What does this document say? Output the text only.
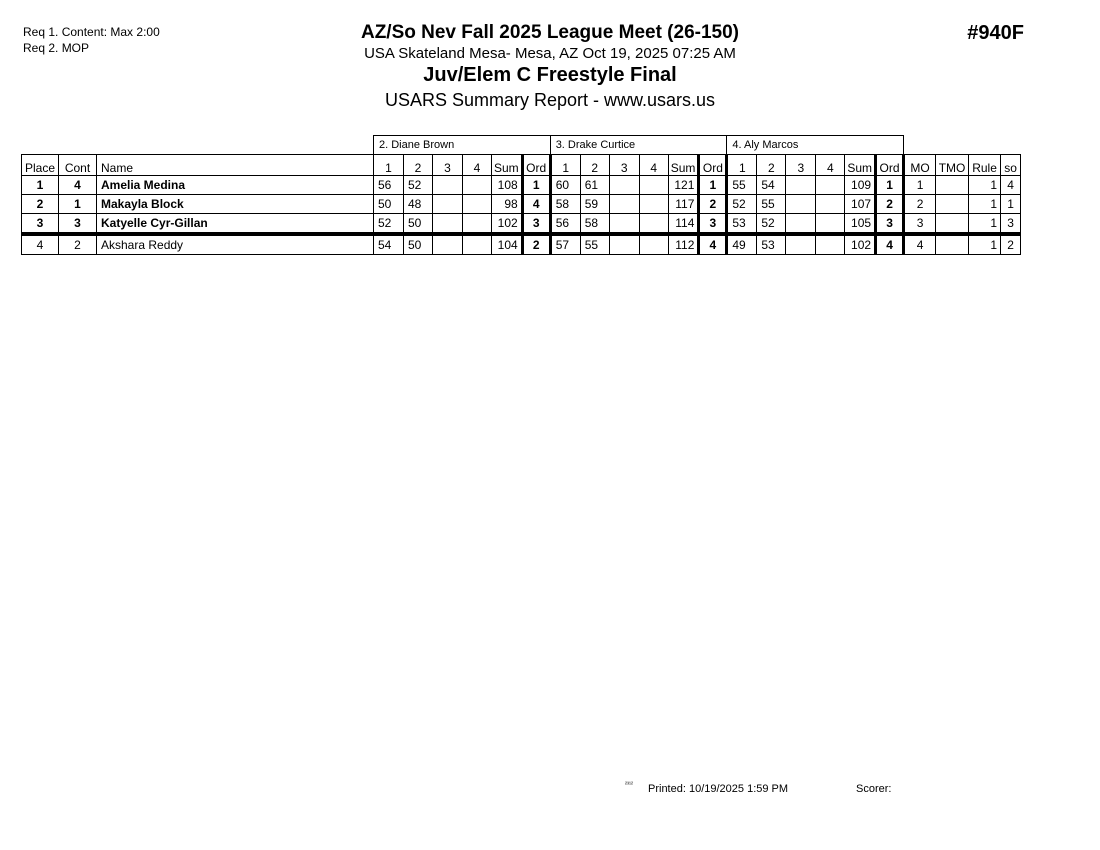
Req 1. Content: Max 2:00
Req 2. MOP
AZ/So Nev Fall 2025 League Meet (26-150)
USA Skateland Mesa- Mesa, AZ Oct 19, 2025 07:25 AM
Juv/Elem C Freestyle Final
USARS Summary Report - www.usars.us
#940F
			2. Diane Brown						3. Drake Curtice						4. Aly Marcos									
Place	Cont	Name	1	2	3	4	Sum	Ord	1	2	3	4	Sum	Ord	1	2	3	4	Sum	Ord	MO	TMO	Rule	so
1	4	Amelia Medina	56	52			108	1	60	61			121	1	55	54			109	1	1		1	4
2	1	Makayla Block	50	48			98	4	58	59			117	2	52	55			107	2	2		1	1
3	3	Katyelle Cyr-Gillan	52	50			102	3	56	58			114	3	53	52			105	3	3		1	3
4	2	Akshara Reddy	54	50			104	2	57	55			112	4	49	53			102	4	4		1	2
²³¹² Printed: 10/19/2025 1:59 PM	Scorer:
